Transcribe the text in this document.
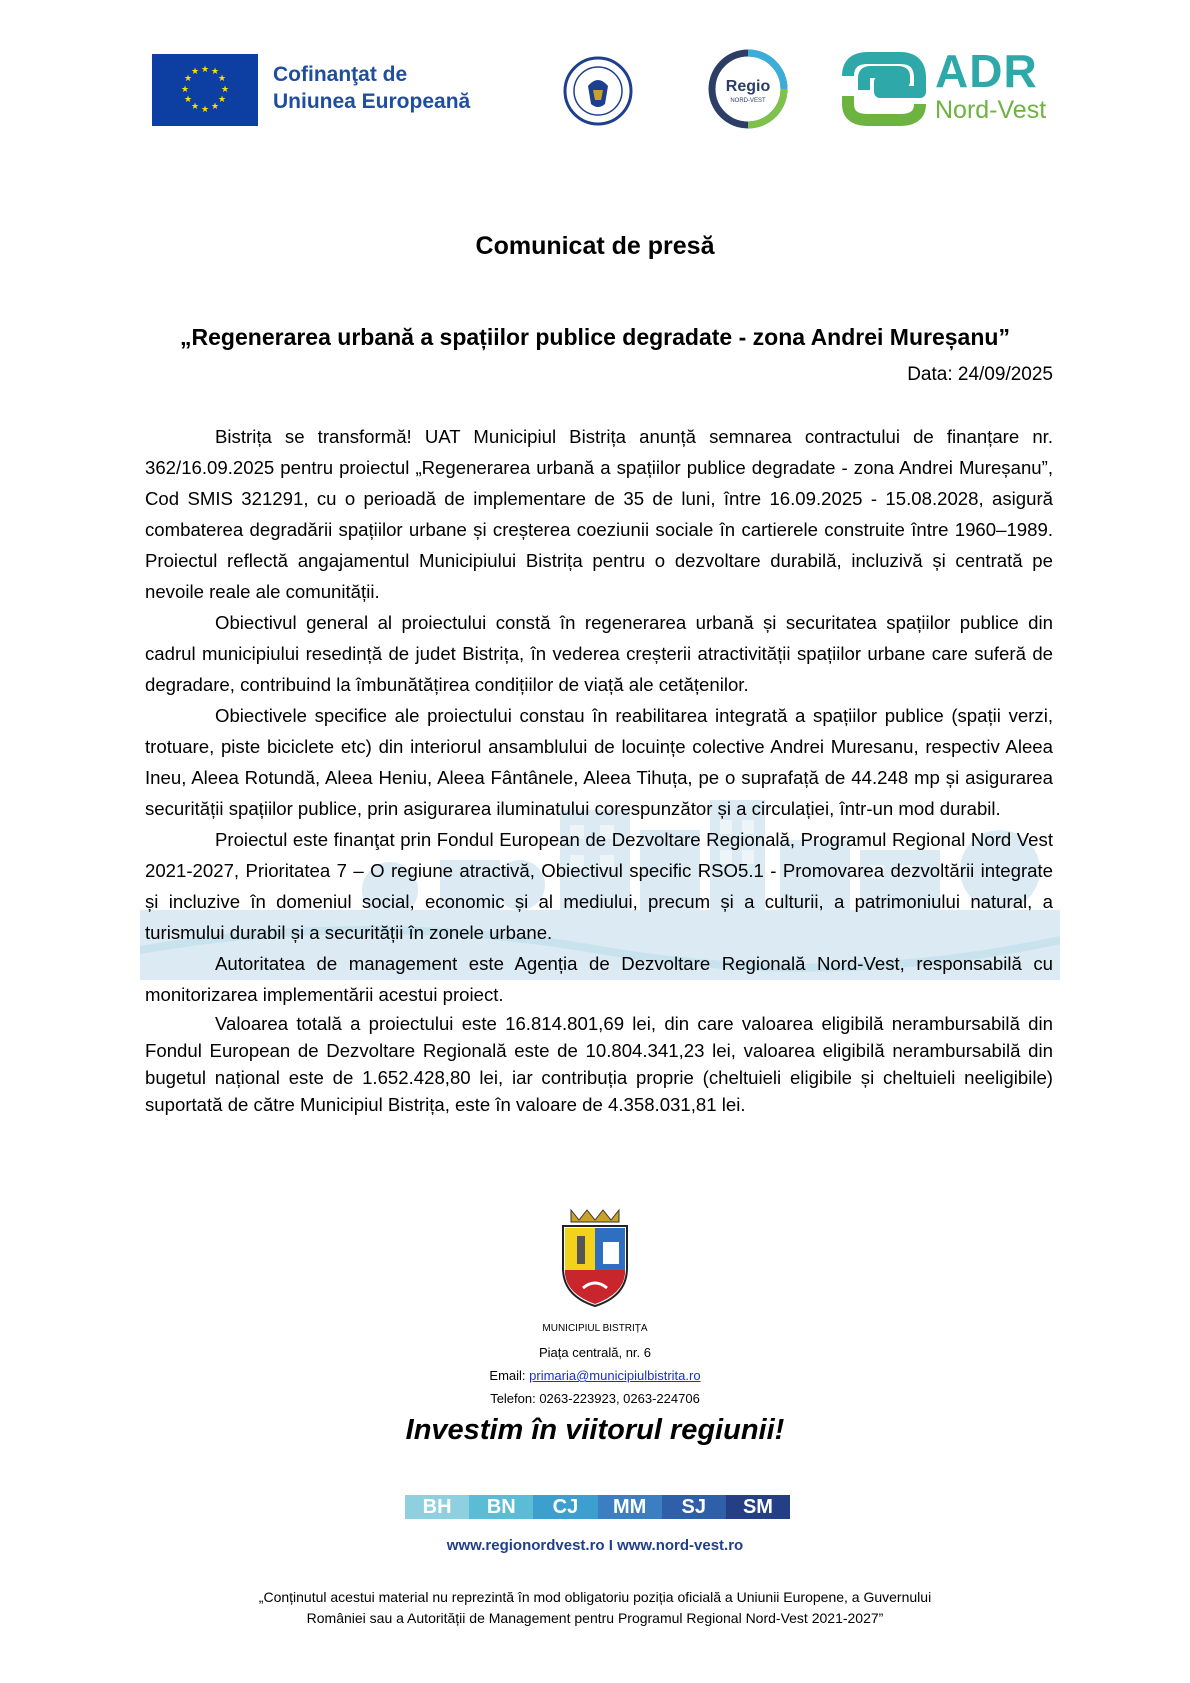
★ ★
★
★
★
★
★
★
★
★
★
★	Cofinanţat de
Uniunea Europeană
Regio
NORD-VEST
ADR
Nord-Vest
Comunicat de presă
„Regenerarea urbană a spațiilor publice degradate - zona Andrei Mureșanu”
Data: 24/09/2025

Bistrița se transformă! UAT Municipiul Bistrița anunță semnarea contractului de finanțare nr. 362/16.09.2025 pentru proiectul „Regenerarea urbană a spațiilor publice degradate - zona Andrei Mureșanu”, Cod SMIS 321291, cu o perioadă de implementare de 35 de luni, între 16.09.2025 - 15.08.2028, asigură combaterea degradării spațiilor urbane și creșterea coeziunii sociale în cartierele construite între 1960–1989. Proiectul reflectă angajamentul Municipiului Bistrița pentru o dezvoltare durabilă, incluzivă și centrată pe nevoile reale ale comunității.

Obiectivul general al proiectului constă în regenerarea urbană și securitatea spațiilor publice din cadrul municipiului resedință de judet Bistrița, în vederea creșterii atractivității spațiilor urbane care suferă de degradare, contribuind la îmbunătățirea condițiilor de viață ale cetățenilor.

Obiectivele specifice ale proiectului constau în reabilitarea integrată a spațiilor publice (spații verzi, trotuare, piste biciclete etc) din interiorul ansamblului de locuințe colective Andrei Muresanu, respectiv Aleea Ineu, Aleea Rotundă, Aleea Heniu, Aleea Fântânele, Aleea Tihuța, pe o suprafață de 44.248 mp și asigurarea securității spațiilor publice, prin asigurarea iluminatului corespunzător și a circulației, într-un mod durabil.

Proiectul este finanţat prin Fondul European de Dezvoltare Regională, Programul Regional Nord Vest 2021-2027, Prioritatea 7 – O regiune atractivă, Obiectivul specific RSO5.1 - Promovarea dezvoltării integrate și incluzive în domeniul social, economic și al mediului, precum și a culturii, a patrimoniului natural, a turismului durabil și a securității în zonele urbane.

Autoritatea de management este Agenția de Dezvoltare Regională Nord-Vest, responsabilă cu monitorizarea implementării acestui proiect.

Valoarea totală a proiectului este 16.814.801,69 lei, din care valoarea eligibilă nerambursabilă din Fondul European de Dezvoltare Regională este de 10.804.341,23 lei, valoarea eligibilă nerambursabilă din bugetul național este de 1.652.428,80 lei, iar contribuția proprie (cheltuieli eligibile și cheltuieli neeligibile) suportată de către Municipiul Bistrița, este în valoare de 4.358.031,81 lei.

MUNICIPIUL BISTRIȚA
Piața centrală, nr. 6
Email: primaria@municipiulbistrita.ro
Telefon: 0263-223923, 0263-224706
Investim în viitorul regiunii!
BH	BN	CJ	MM	SJ	SM
www.regionordvest.ro I www.nord-vest.ro
„Conținutul acestui material nu reprezintă în mod obligatoriu poziția oficială a Uniunii Europene, a Guvernului
României sau a Autorității de Management pentru Programul Regional Nord-Vest 2021-2027”
